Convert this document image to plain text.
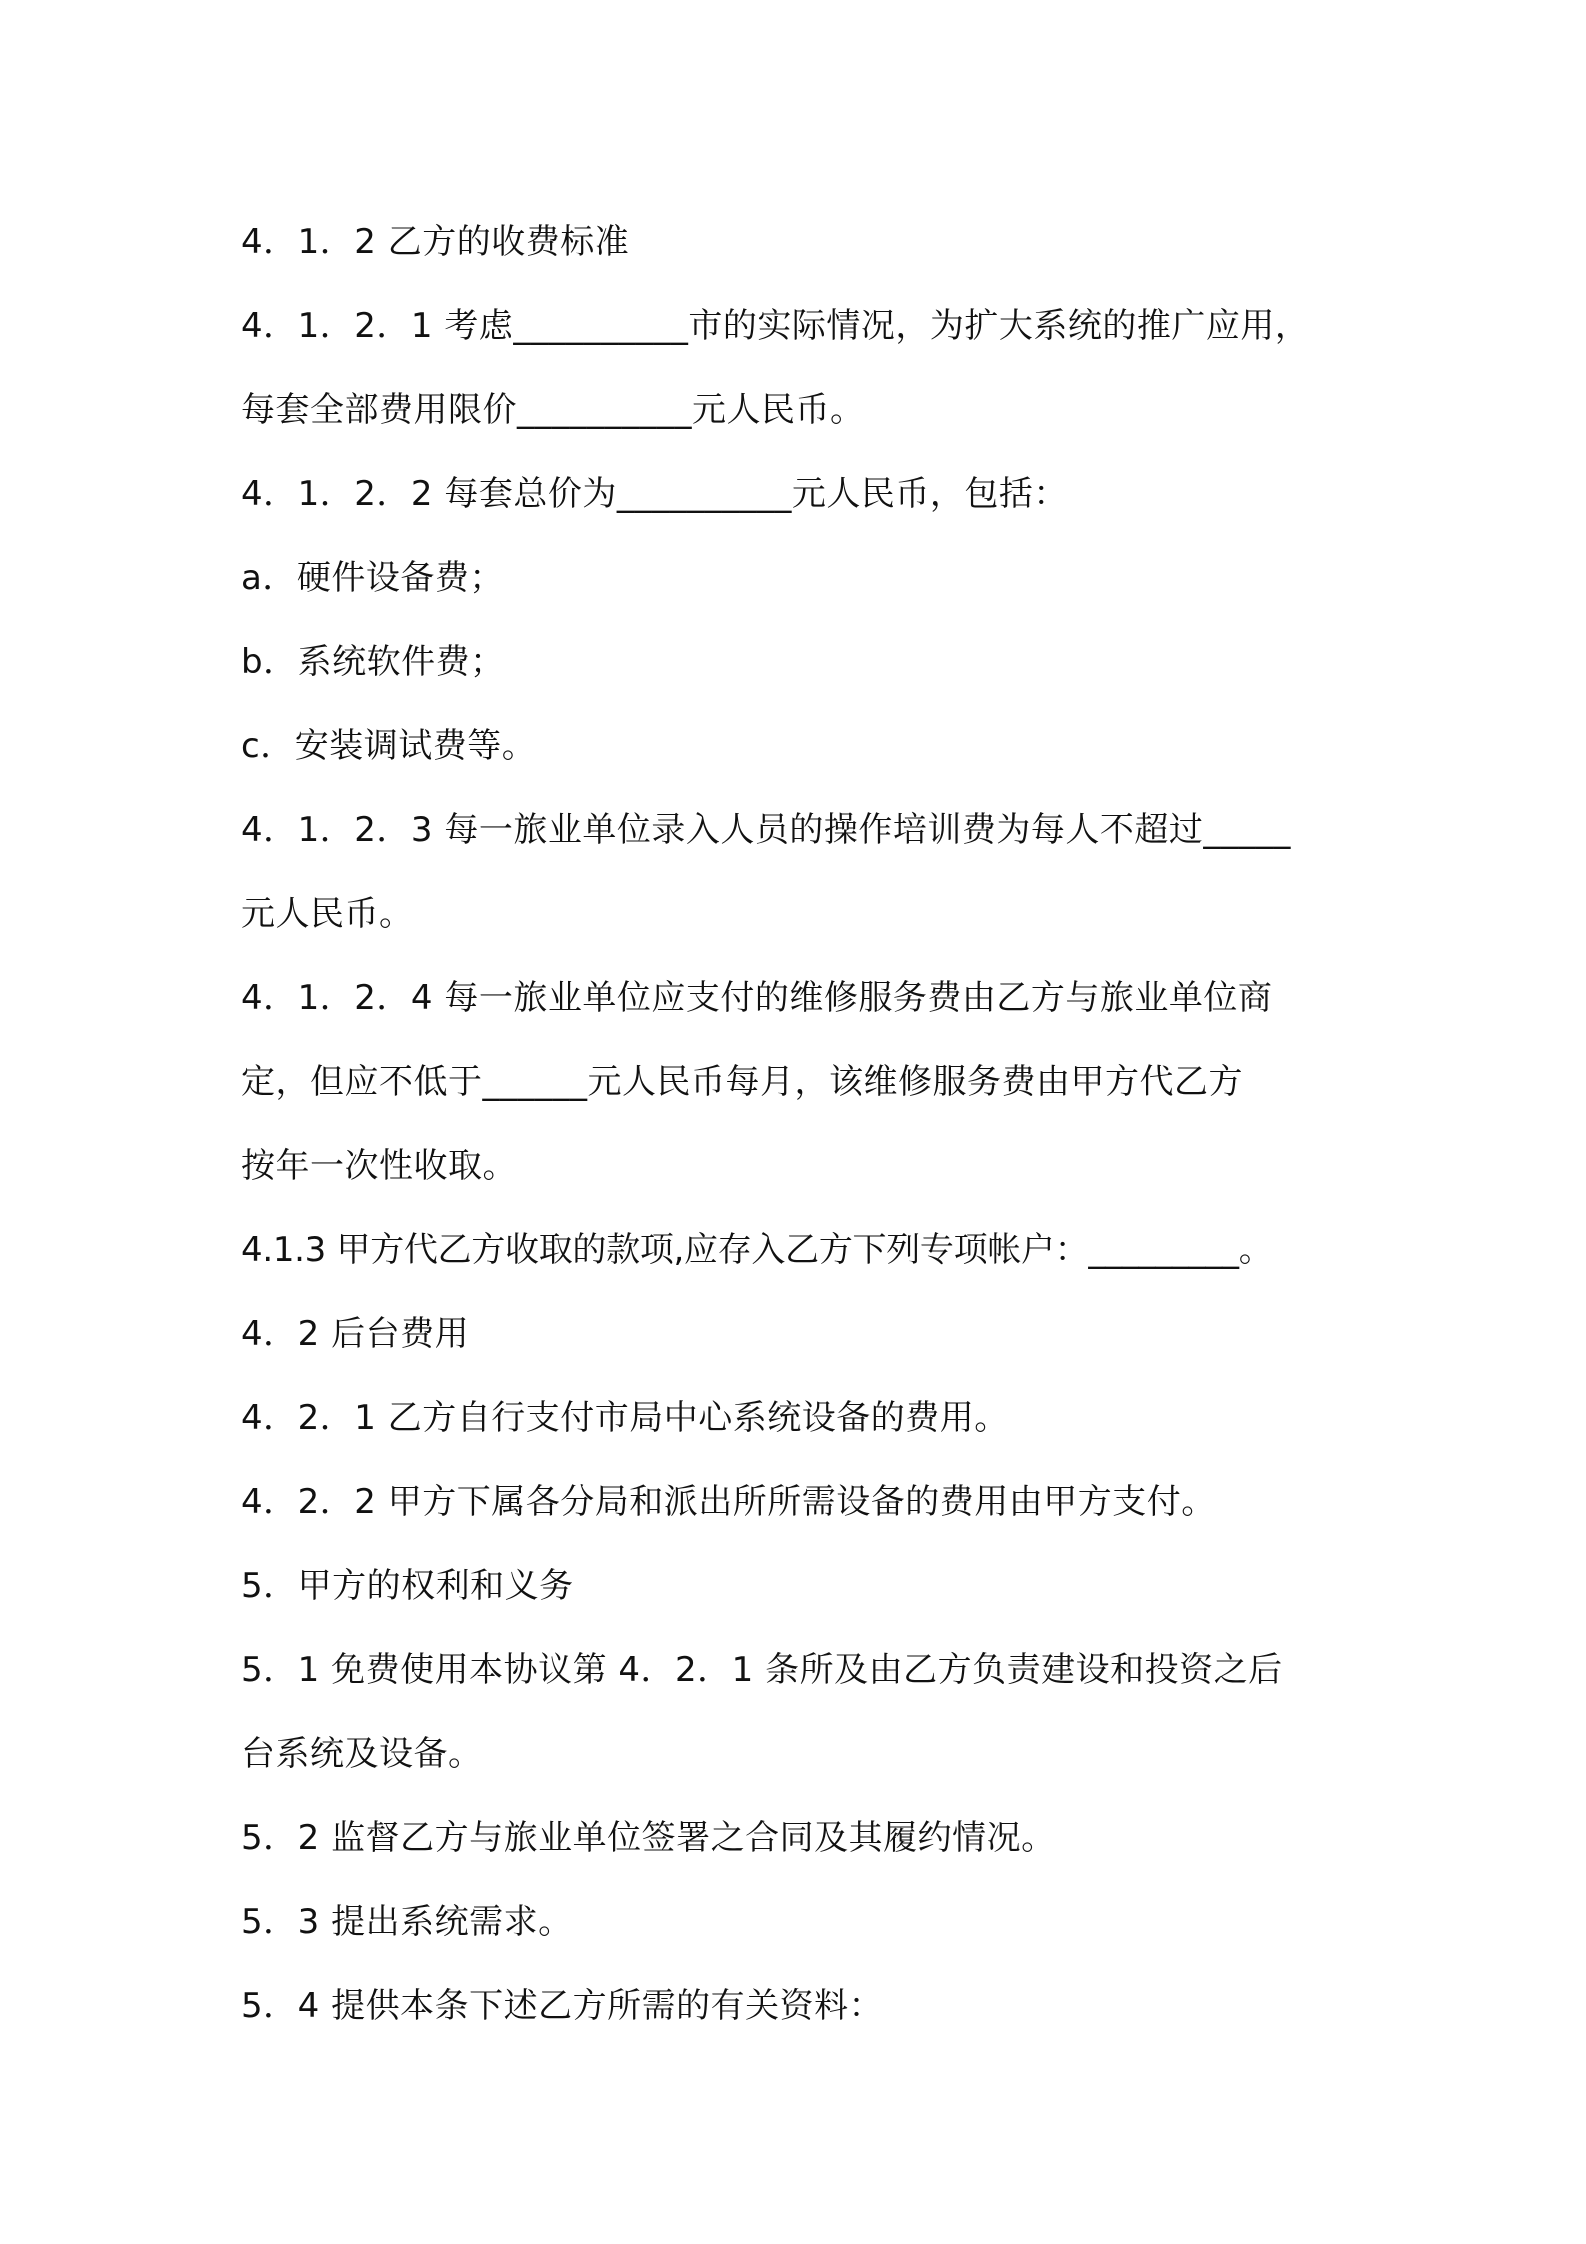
4．1．2 乙方的收费标准
4．1．2．1 考虑__________市的实际情况，为扩大系统的推广应用，
每套全部费用限价__________元人民币。
4．1．2．2 每套总价为__________元人民币，包括：
a．硬件设备费；
b．系统软件费；
c．安装调试费等。
4．1．2．3 每一旅业单位录入人员的操作培训费为每人不超过_____
元人民币。
4．1．2．4 每一旅业单位应支付的维修服务费由乙方与旅业单位商
定，但应不低于______元人民币每月，该维修服务费由甲方代乙方
按年一次性收取。
4.1.3 甲方代乙方收取的款项,应存入乙方下列专项帐户：_________。
4．2 后台费用
4．2．1 乙方自行支付市局中心系统设备的费用。
4．2．2 甲方下属各分局和派出所所需设备的费用由甲方支付。
5．甲方的权利和义务
5．1 免费使用本协议第 4．2．1 条所及由乙方负责建设和投资之后
台系统及设备。
5．2 监督乙方与旅业单位签署之合同及其履约情况。
5．3 提出系统需求。
5．4 提供本条下述乙方所需的有关资料：
